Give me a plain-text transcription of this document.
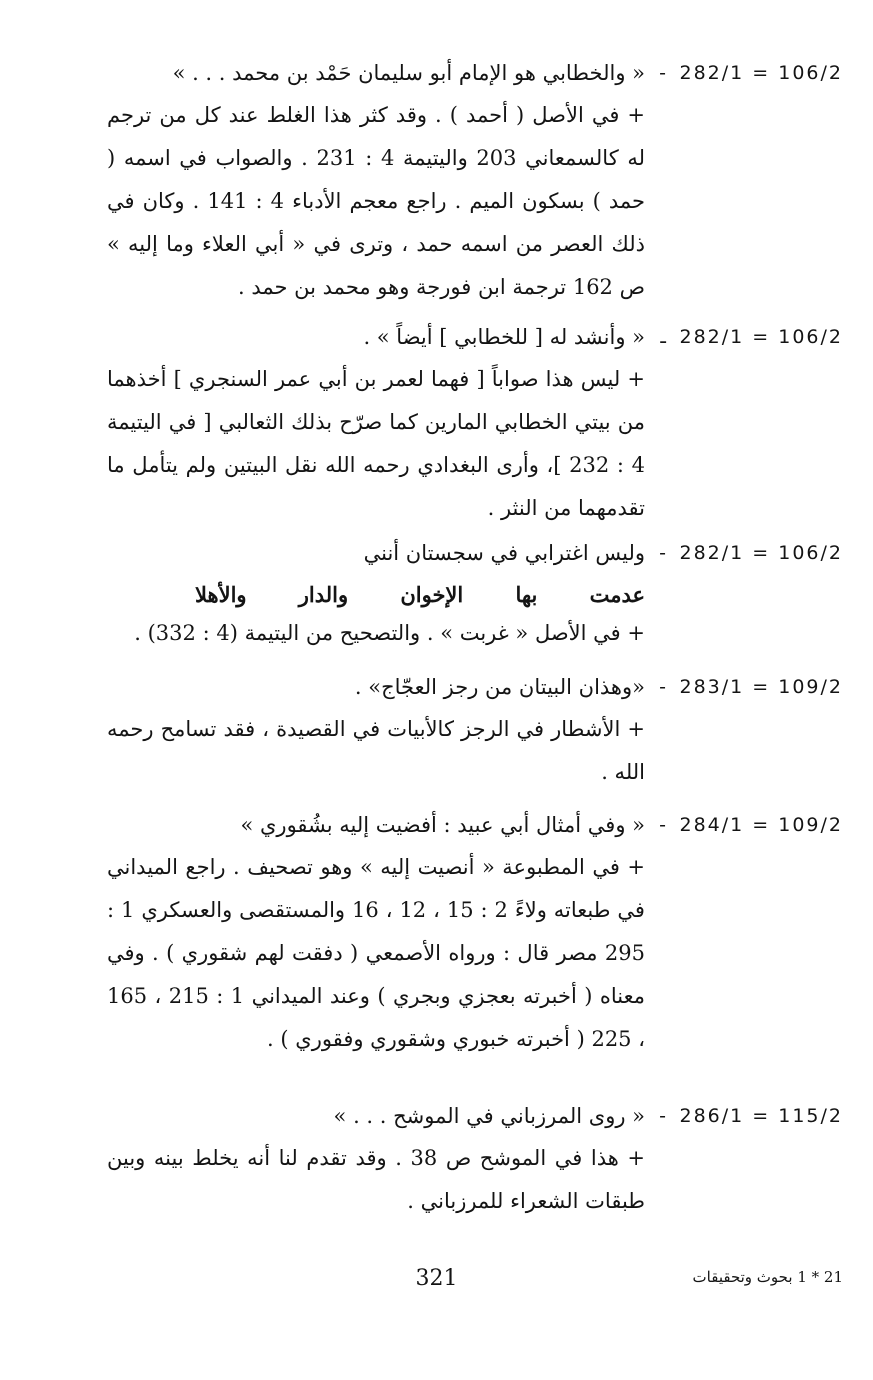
282/1 = 106/2
-
« والخطابي هو الإمام أبو سليمان حَمْد بن محمد . . . »
+ في الأصل ( أحمد ) . وقد كثر هذا الغلط عند كل من ترجم له كالسمعاني 203 واليتيمة 4 : 231 . والصواب في اسمه ( حمد ) بسكون الميم . راجع معجم الأدباء 4 : 141 . وكان في ذلك العصر من اسمه حمد ، وترى في « أبي العلاء وما إليه » ص 162 ترجمة ابن فورجة وهو محمد بن حمد .
282/1 = 106/2
ـ
« وأنشد له [ للخطابي ] أيضاً » .
+ ليس هذا صواباً [ فهما لعمر بن أبي عمر السنجري ] أخذهما من بيتي الخطابي المارين كما صرّح بذلك الثعالبي [ في اليتيمة 4 : 232 ]، وأرى البغدادي رحمه الله نقل البيتين ولم يتأمل ما تقدمهما من النثر .
282/1 = 106/2
-
وليس اغترابي في سجستان أنني
عدمت بها الإخوان والدار والأهلا
+ في الأصل « غربت » . والتصحيح من اليتيمة (4 : 332) .
283/1 = 109/2
-
«وهذان البيتان من رجز العجّاج» .
+ الأشطار في الرجز كالأبيات في القصيدة ، فقد تسامح رحمه الله .
284/1 = 109/2
-
« وفي أمثال أبي عبيد : أفضيت إليه بشُقوري »
+ في المطبوعة « أنصيت إليه » وهو تصحيف . راجع الميداني في طبعاته ولاءً 2 : 15 ، 12 ، 16 والمستقصى والعسكري 1 : 295 مصر قال : ورواه الأصمعي ( دفقت لهم شقوري ) . وفي معناه ( أخبرته بعجزي وبجري ) وعند الميداني 1 : 215 ، 165 ، 225 ( أخبرته خبوري وشقوري وفقوري ) .
286/1 = 115/2
-
« روى المرزباني في الموشح . . . »
+ هذا في الموشح ص 38 . وقد تقدم لنا أنه يخلط بينه وبين طبقات الشعراء للمرزباني .
321	21 * 1 بحوث وتحقيقات
